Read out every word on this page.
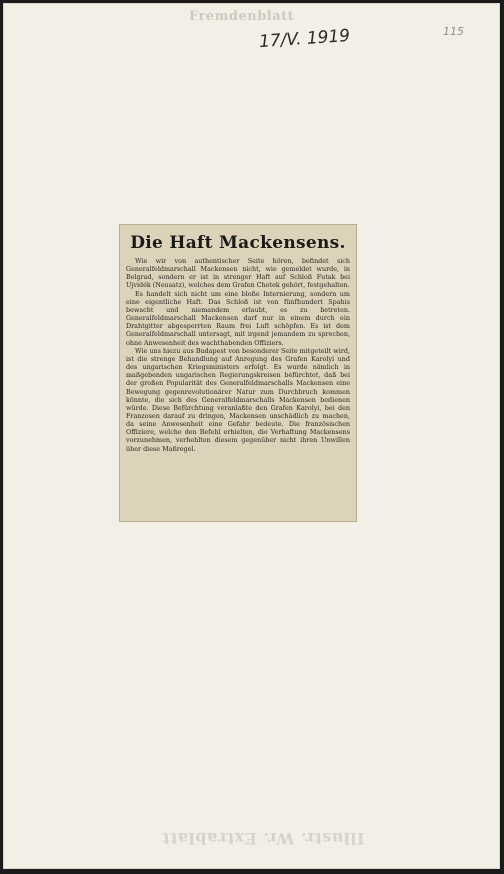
Fremdenblatt
17/V. 1919	115
Die Haft Mackensens.

Wie wir von authentischer Seite hören, befindet sich Generalfeldmarschall Mackensen nicht, wie gemeldet wurde, in Belgrad, sondern er ist in strenger Haft auf Schloß Futak bei Ujvidék (Neusatz), welches dem Grafen Chotek gehört, festgehalten.

Es handelt sich nicht um eine bloße Internierung, sondern um eine eigentliche Haft. Das Schloß ist von fünfhundert Spahis bewacht und niemandem erlaubt, es zu betreten. Generalfeldmarschall Mackensen darf nur in einem durch ein Drahtgitter abgesperrten Raum frei Luft schöpfen. Es ist dem Generalfeldmarschall untersagt, mit irgend jemandem zu sprechen, ohne Anwesenheit des wachthabenden Offiziers.

Wie uns hiezu aus Budapest von besonderer Seite mitgeteilt wird, ist die strenge Behandlung auf Anregung des Grafen Karolyi und des ungarischen Kriegsministers erfolgt. Es wurde nämlich in maßgebenden ungarischen Regierungskreisen befürchtet, daß bei der großen Popularität des Generalfeldmarschalls Mackensen eine Bewegung gegenrevolutionärer Natur zum Durchbruch kommen könnte, die sich des Generalfeldmarschalls Mackensen bedienen würde. Diese Befürchtung veranlaßte den Grafen Karolyi, bei den Franzosen darauf zu dringen, Mackensen unschädlich zu machen, da seine Anwesenheit eine Gefahr bedeute. Die französischen Offiziere, welche den Befehl erhielten, die Verhaftung Mackensens vorzunehmen, verhehlten diesem gegenüber nicht ihren Unwillen über diese Maßregel.

Illustr. Wr. Extrablatt
